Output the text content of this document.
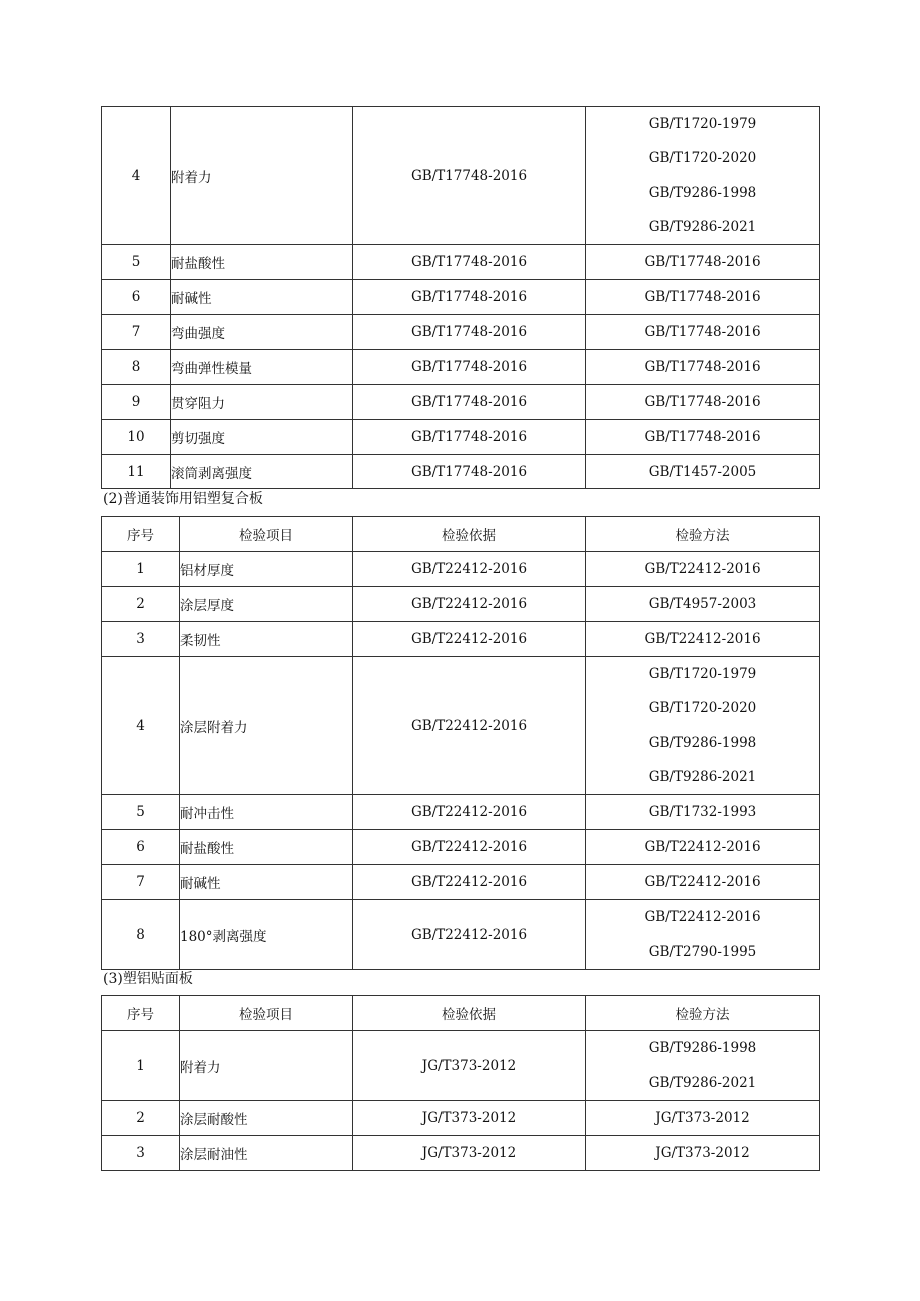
4	附着力	GB/T17748-2016	GB/T1720-1979
GB/T1720-2020
GB/T9286-1998
GB/T9286-2021

5	耐盐酸性	GB/T17748-2016	GB/T17748-2016
6	耐碱性	GB/T17748-2016	GB/T17748-2016
7	弯曲强度	GB/T17748-2016	GB/T17748-2016
8	弯曲弹性模量	GB/T17748-2016	GB/T17748-2016
9	贯穿阻力	GB/T17748-2016	GB/T17748-2016
10	剪切强度	GB/T17748-2016	GB/T17748-2016
11	滚筒剥离强度	GB/T17748-2016	GB/T1457-2005
(2)普通装饰用铝塑复合板
序号	检验项目	检验依据	检验方法
1	铝材厚度	GB/T22412-2016	GB/T22412-2016
2	涂层厚度	GB/T22412-2016	GB/T4957-2003
3	柔韧性	GB/T22412-2016	GB/T22412-2016
4	涂层附着力	GB/T22412-2016	GB/T1720-1979
GB/T1720-2020
GB/T9286-1998
GB/T9286-2021

5	耐冲击性	GB/T22412-2016	GB/T1732-1993
6	耐盐酸性	GB/T22412-2016	GB/T22412-2016
7	耐碱性	GB/T22412-2016	GB/T22412-2016
8	180°剥离强度	GB/T22412-2016	GB/T22412-2016
GB/T2790-1995
(3)塑铝贴面板
序号	检验项目	检验依据	检验方法
1	附着力	JG/T373-2012	GB/T9286-1998
GB/T9286-2021

2	涂层耐酸性	JG/T373-2012	JG/T373-2012
3	涂层耐油性	JG/T373-2012	JG/T373-2012
